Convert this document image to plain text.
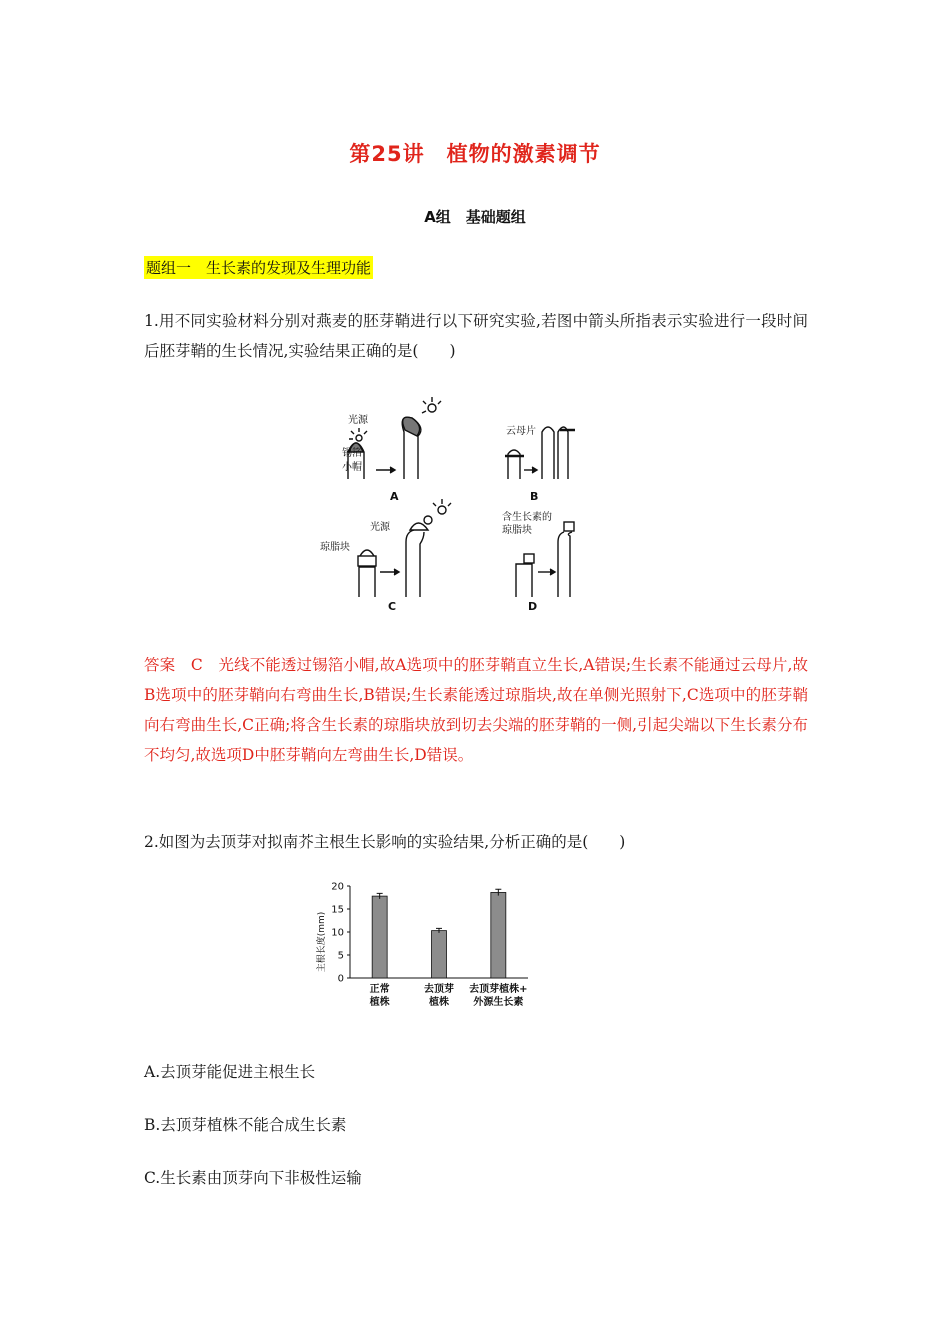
第25讲　植物的激素调节
A组　基础题组
题组一　生长素的发现及生理功能
1.用不同实验材料分别对燕麦的胚芽鞘进行以下研究实验,若图中箭头所指表示实验进行一段时间后胚芽鞘的生长情况,实验结果正确的是(　　)
光源
锡箔
小帽
A
云母片
B
光源
琼脂块
C
含生长素的
琼脂块
D
答案　C　光线不能透过锡箔小帽,故A选项中的胚芽鞘直立生长,A错误;生长素不能通过云母片,故B选项中的胚芽鞘向右弯曲生长,B错误;生长素能透过琼脂块,故在单侧光照射下,C选项中的胚芽鞘向右弯曲生长,C正确;将含生长素的琼脂块放到切去尖端的胚芽鞘的一侧,引起尖端以下生长素分布不均匀,故选项D中胚芽鞘向左弯曲生长,D错误。
2.如图为去顶芽对拟南芥主根生长影响的实验结果,分析正确的是(　　)
0
5
10
15
20
正常
植株
去顶芽
植株
去顶芽植株+
外源生长素
主根长度(mm)
A.去顶芽能促进主根生长
B.去顶芽植株不能合成生长素
C.生长素由顶芽向下非极性运输
